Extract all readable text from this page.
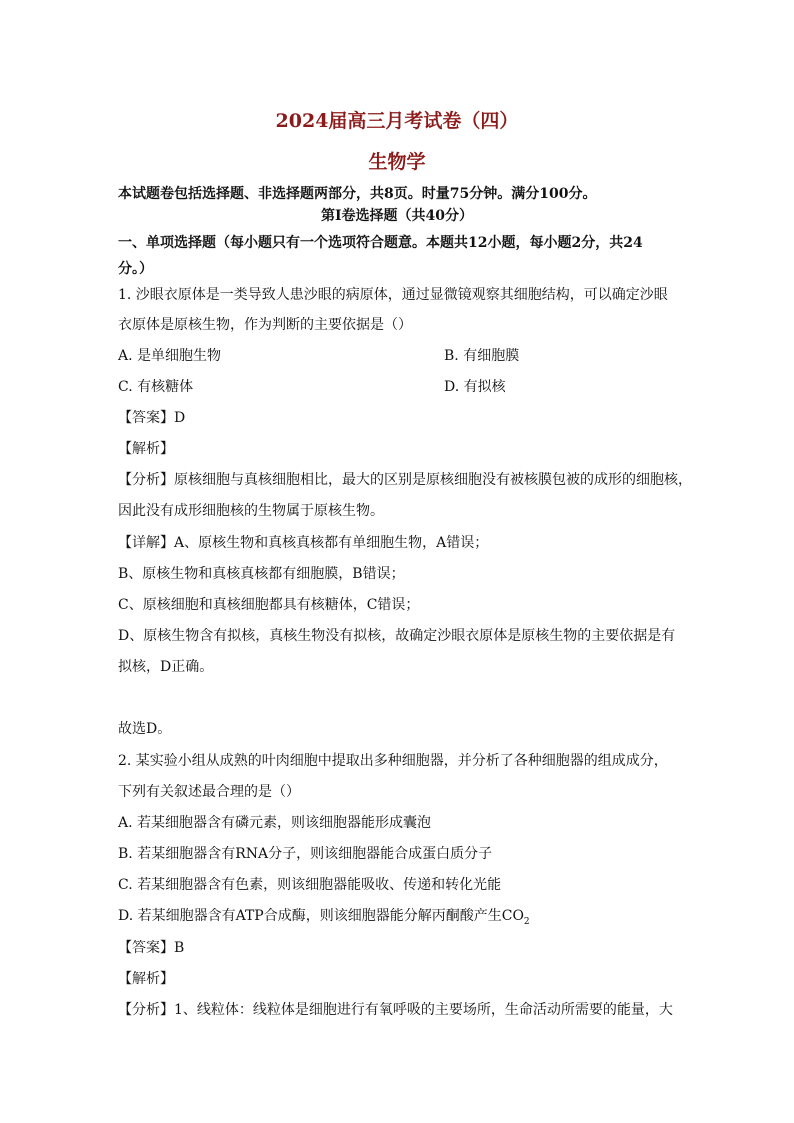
2024届高三月考试卷（四）
生物学
本试题卷包括选择题、非选择题两部分，共8页。时量75分钟。满分100分。
第Ⅰ卷选择题（共40分）
一、单项选择题（每小题只有一个选项符合题意。本题共12小题，每小题2分，共24
分。）
1. 沙眼衣原体是一类导致人患沙眼的病原体，通过显微镜观察其细胞结构，可以确定沙眼
衣原体是原核生物，作为判断的主要依据是（）
A. 是单细胞生物	B. 有细胞膜
C. 有核糖体	D. 有拟核
【答案】D
【解析】
【分析】原核细胞与真核细胞相比，最大的区别是原核细胞没有被核膜包被的成形的细胞核，
因此没有成形细胞核的生物属于原核生物。
【详解】A、原核生物和真核真核都有单细胞生物，A错误；
B、原核生物和真核真核都有细胞膜，B错误；
C、原核细胞和真核细胞都具有核糖体，C错误；
D、原核生物含有拟核，真核生物没有拟核，故确定沙眼衣原体是原核生物的主要依据是有
拟核，D正确。
故选D。
2. 某实验小组从成熟的叶肉细胞中提取出多种细胞器，并分析了各种细胞器的组成成分，
下列有关叙述最合理的是（）
A. 若某细胞器含有磷元素，则该细胞器能形成囊泡
B. 若某细胞器含有RNA分子，则该细胞器能合成蛋白质分子
C. 若某细胞器含有色素，则该细胞器能吸收、传递和转化光能
D. 若某细胞器含有ATP合成酶，则该细胞器能分解丙酮酸产生$CO_2$
【答案】B
【解析】
【分析】1、线粒体：线粒体是细胞进行有氧呼吸的主要场所，生命活动所需要的能量，大
